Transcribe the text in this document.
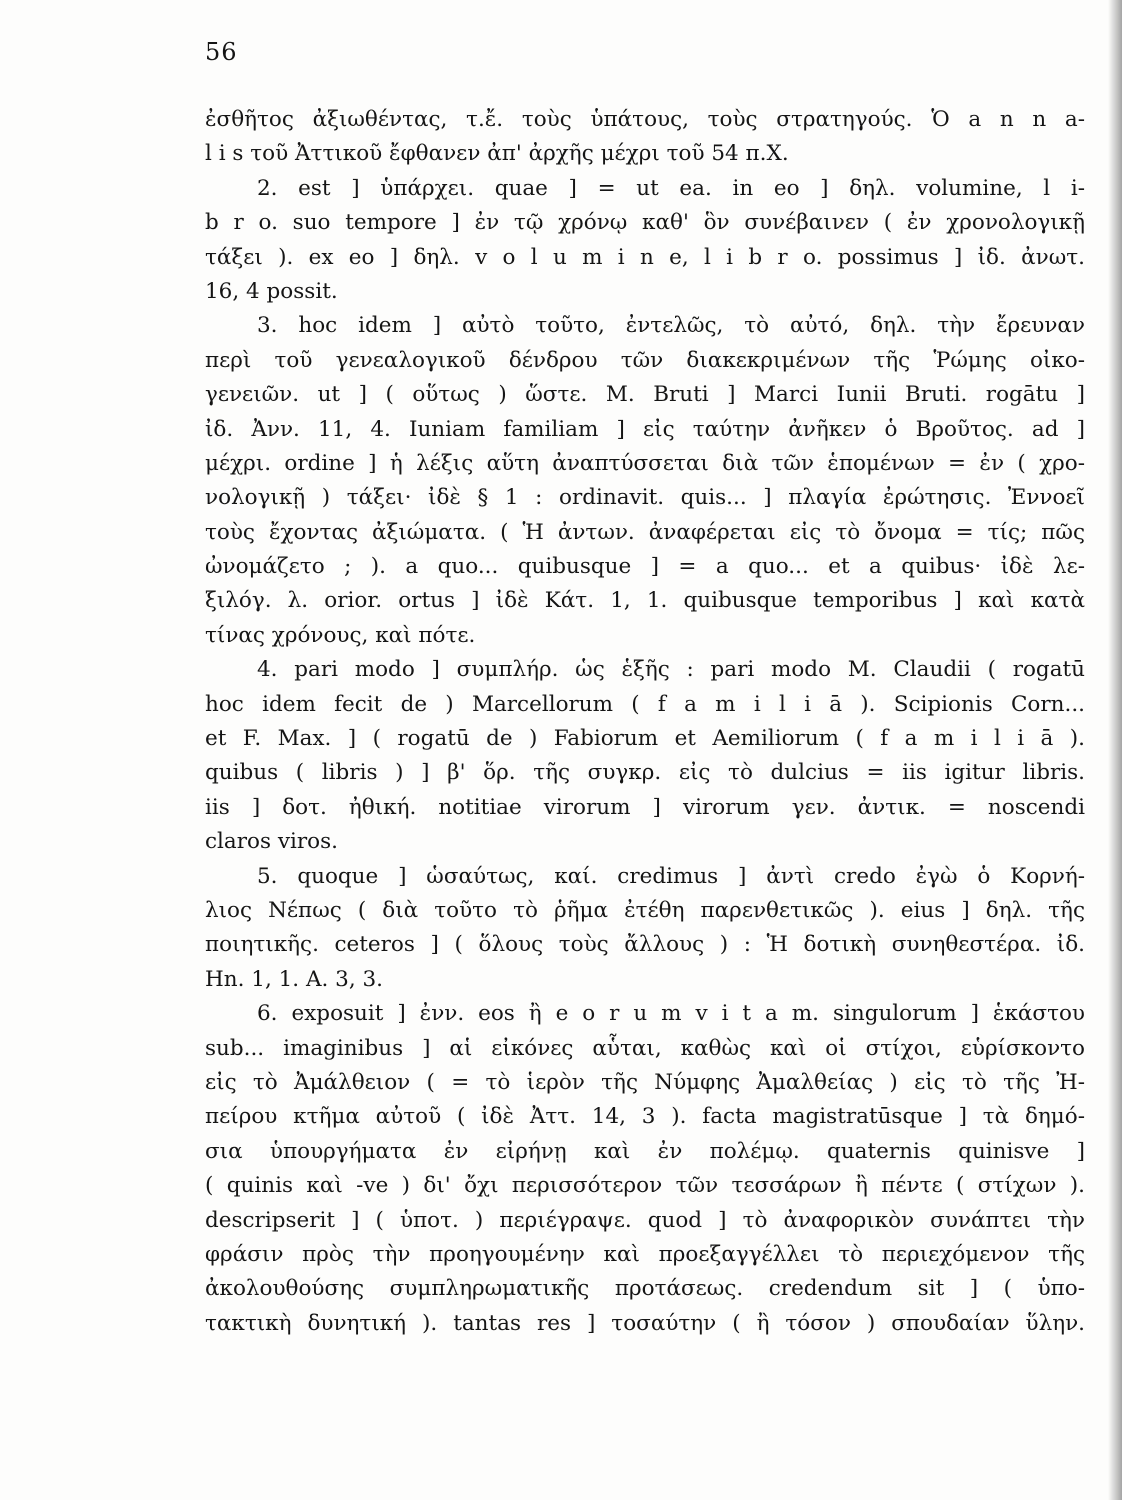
56
ἐσθῆτος ἀξιωθέντας, τ.ἔ. τοὺς ὑπάτους, τοὺς στρατηγούς. Ὁ a n n a-
l i s τοῦ Ἀττικοῦ ἔφθανεν ἀπ' ἀρχῆς μέχρι τοῦ 54 π.Χ.
2. est ] ὑπάρχει. quae ] = ut ea. in eo ] δηλ. volumine, l i-
b r o. suo tempore ] ἐν τῷ χρόνῳ καθ' ὃν συνέβαινεν ( ἐν χρονολογικῇ
τάξει ). ex eo ] δηλ. v o l u m i n e, l i b r o. possimus ] ἰδ. ἀνωτ.
16, 4 possit.
3. hoc idem ] αὐτὸ τοῦτο, ἐντελῶς, τὸ αὐτό, δηλ. τὴν ἔρευναν
περὶ τοῦ γενεαλογικοῦ δένδρου τῶν διακεκριμένων τῆς Ῥώμης οἰκο-
γενειῶν. ut ] ( οὕτως ) ὥστε. M. Bruti ] Marci Iunii Bruti. rogātu ]
ἰδ. Ἀνν. 11, 4. Iuniam familiam ] εἰς ταύτην ἀνῆκεν ὁ Βροῦτος. ad ]
μέχρι. ordine ] ἡ λέξις αὕτη ἀναπτύσσεται διὰ τῶν ἑπομένων = ἐν ( χρο-
νολογικῇ ) τάξει· ἰδὲ § 1 : ordinavit. quis... ] πλαγία ἐρώτησις. Ἐννοεῖ
τοὺς ἔχοντας ἀξιώματα. ( Ἡ ἀντων. ἀναφέρεται εἰς τὸ ὄνομα = τίς; πῶς
ὠνομάζετο ; ). a quo... quibusque ] = a quo... et a quibus· ἰδὲ λε-
ξιλόγ. λ. orior. ortus ] ἰδὲ Κάτ. 1, 1. quibusque temporibus ] καὶ κατὰ
τίνας χρόνους, καὶ πότε.
4. pari modo ] συμπλήρ. ὡς ἑξῆς : pari modo M. Claudii ( rogatū
hoc idem fecit de ) Marcellorum ( f a m i l i ā ). Scipionis Corn...
et F. Max. ] ( rogatū de ) Fabiorum et Aemiliorum ( f a m i l i ā ).
quibus ( libris ) ] β' ὅρ. τῆς συγκρ. εἰς τὸ dulcius = iis igitur libris.
iis ] δοτ. ἠθική. notitiae virorum ] virorum γεν. ἀντικ. = noscendi
claros viros.
5. quoque ] ὡσαύτως, καί. credimus ] ἀντὶ credo ἐγὼ ὁ Κορνή-
λιος Νέπως ( διὰ τοῦτο τὸ ῥῆμα ἐτέθη παρενθετικῶς ). eius ] δηλ. τῆς
ποιητικῆς. ceteros ] ( ὅλους τοὺς ἄλλους ) : Ἡ δοτικὴ συνηθεστέρα. ἰδ.
Hn. 1, 1. A. 3, 3.
6. exposuit ] ἐνν. eos ἢ e o r u m v i t a m. singulorum ] ἑκάστου
sub... imaginibus ] αἱ εἰκόνες αὗται, καθὼς καὶ οἱ στίχοι, εὑρίσκοντο
εἰς τὸ Ἀμάλθειον ( = τὸ ἱερὸν τῆς Νύμφης Ἀμαλθείας ) εἰς τὸ τῆς Ἠ-
πείρου κτῆμα αὐτοῦ ( ἰδὲ Ἀττ. 14, 3 ). facta magistratūsque ] τὰ δημό-
σια ὑπουργήματα ἐν εἰρήνῃ καὶ ἐν πολέμῳ. quaternis quinisve ]
( quinis καὶ -ve ) δι' ὄχι περισσότερον τῶν τεσσάρων ἢ πέντε ( στίχων ).
descripserit ] ( ὑποτ. ) περιέγραψε. quod ] τὸ ἀναφορικὸν συνάπτει τὴν
φράσιν πρὸς τὴν προηγουμένην καὶ προεξαγγέλλει τὸ περιεχόμενον τῆς
ἀκολουθούσης συμπληρωματικῆς προτάσεως. credendum sit ] ( ὑπο-
τακτικὴ δυνητική ). tantas res ] τοσαύτην ( ἢ τόσον ) σπουδαίαν ὕλην.
